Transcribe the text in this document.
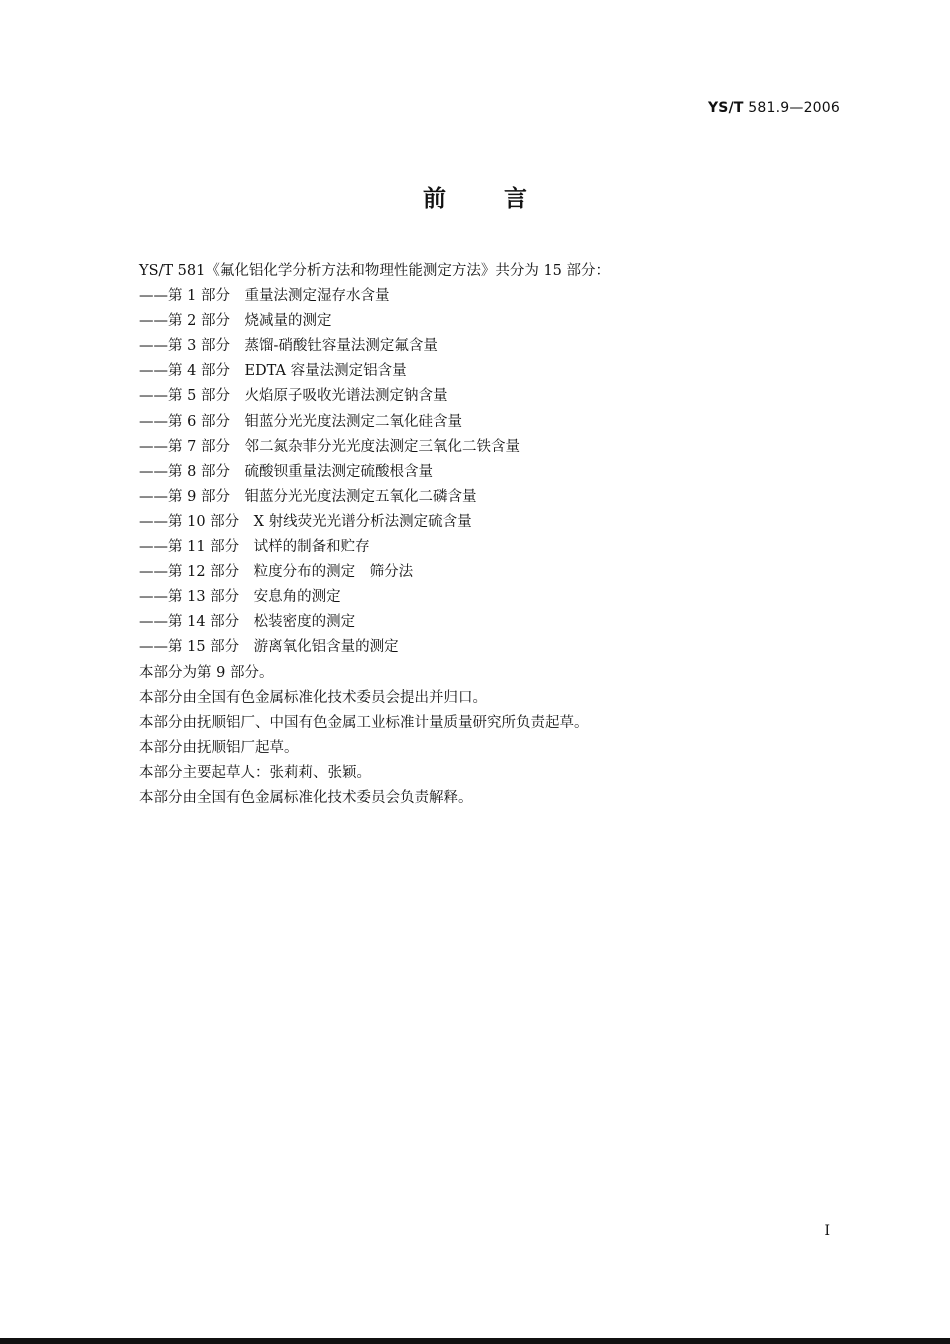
YS/T 581.9—2006
前言
YS/T 581《氟化铝化学分析方法和物理性能测定方法》共分为 15 部分：
——第 1 部分　重量法测定湿存水含量
——第 2 部分　烧减量的测定
——第 3 部分　蒸馏-硝酸钍容量法测定氟含量
——第 4 部分　EDTA 容量法测定铝含量
——第 5 部分　火焰原子吸收光谱法测定钠含量
——第 6 部分　钼蓝分光光度法测定二氧化硅含量
——第 7 部分　邻二氮杂菲分光光度法测定三氧化二铁含量
——第 8 部分　硫酸钡重量法测定硫酸根含量
——第 9 部分　钼蓝分光光度法测定五氧化二磷含量
——第 10 部分　X 射线荧光光谱分析法测定硫含量
——第 11 部分　试样的制备和贮存
——第 12 部分　粒度分布的测定　筛分法
——第 13 部分　安息角的测定
——第 14 部分　松装密度的测定
——第 15 部分　游离氧化铝含量的测定
本部分为第 9 部分。
本部分由全国有色金属标准化技术委员会提出并归口。
本部分由抚顺铝厂、中国有色金属工业标准计量质量研究所负责起草。
本部分由抚顺铝厂起草。
本部分主要起草人：张莉莉、张颖。
本部分由全国有色金属标准化技术委员会负责解释。
I
